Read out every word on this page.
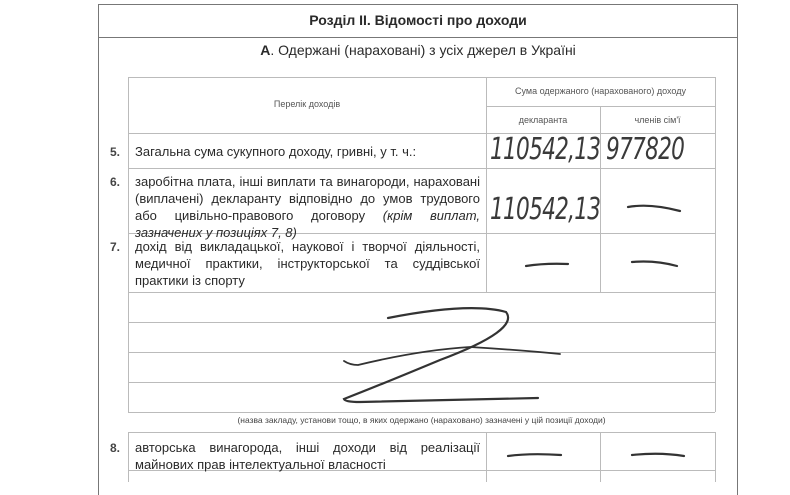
Розділ II. Відомості про доходи
А. Одержані (нараховані) з усіх джерел в Україні
Перелік доходів
Сума одержаного (нарахованого) доходу
декларанта	членів сім'ї
5. Загальна сума сукупного доходу, гривні, у т. ч.:	110542,13 977820
6. заробітна плата, інші виплати та винагороди, нараховані (виплачені) декларанту відповідно до умов трудового або цивільно-правового договору (крім виплат, зазначених у позиціях 7, 8)
110542,13
7. дохід від викладацької, наукової і творчої діяльності, медичної практики, інструкторської та суддівської практики із спорту
(назва закладу, установи тощо, в яких одержано (нараховано) зазначені у цій позиції доходи)
8. авторська винагорода, інші доходи від реалізації майнових прав інтелектуальної власності
